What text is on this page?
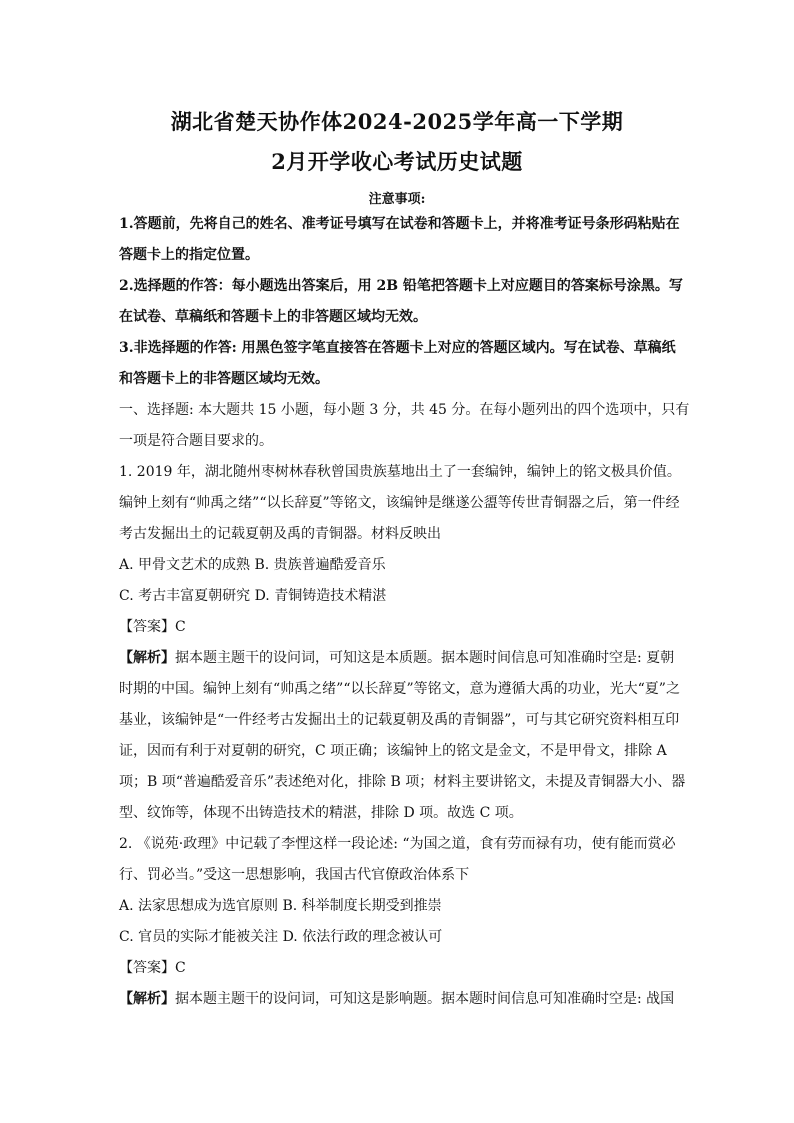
湖北省楚天协作体2024-2025学年高一下学期
2月开学收心考试历史试题
注意事项:
1.答题前，先将自己的姓名、准考证号填写在试卷和答题卡上，并将准考证号条形码粘贴在
答题卡上的指定位置。
2.选择题的作答：每小题选出答案后，用 2B 铅笔把答题卡上对应题目的答案标号涂黑。写
在试卷、草稿纸和答题卡上的非答题区域均无效。
3.非选择题的作答: 用黑色签字笔直接答在答题卡上对应的答题区域内。写在试卷、草稿纸
和答题卡上的非答题区域均无效。
一、选择题: 本大题共 15 小题，每小题 3 分，共 45 分。在每小题列出的四个选项中，只有
一项是符合题目要求的。
1. 2019 年，湖北随州枣树林春秋曾国贵族墓地出土了一套编钟，编钟上的铭文极具价值。
编钟上刻有“帅禹之绪”“以长辞夏”等铭文，该编钟是继遂公盨等传世青铜器之后，第一件经
考古发掘出土的记载夏朝及禹的青铜器。材料反映出
A. 甲骨文艺术的成熟 B. 贵族普遍酷爱音乐
C. 考古丰富夏朝研究 D. 青铜铸造技术精湛
【答案】C
【解析】据本题主题干的设问词，可知这是本质题。据本题时间信息可知准确时空是: 夏朝
时期的中国。编钟上刻有“帅禹之绪”“以长辞夏”等铭文，意为遵循大禹的功业，光大“夏”之
基业，该编钟是“一件经考古发掘出土的记载夏朝及禹的青铜器”，可与其它研究资料相互印
证，因而有利于对夏朝的研究，C 项正确；该编钟上的铭文是金文，不是甲骨文，排除 A
项；B 项“普遍酷爱音乐”表述绝对化，排除 B 项；材料主要讲铭文，未提及青铜器大小、器
型、纹饰等，体现不出铸造技术的精湛，排除 D 项。故选 C 项。
2. 《说苑·政理》中记载了李悝这样一段论述: “为国之道，食有劳而禄有功，使有能而赏必
行、罚必当。”受这一思想影响，我国古代官僚政治体系下
A. 法家思想成为选官原则 B. 科举制度长期受到推崇
C. 官员的实际才能被关注 D. 依法行政的理念被认可
【答案】C
【解析】据本题主题干的设问词，可知这是影响题。据本题时间信息可知准确时空是: 战国
